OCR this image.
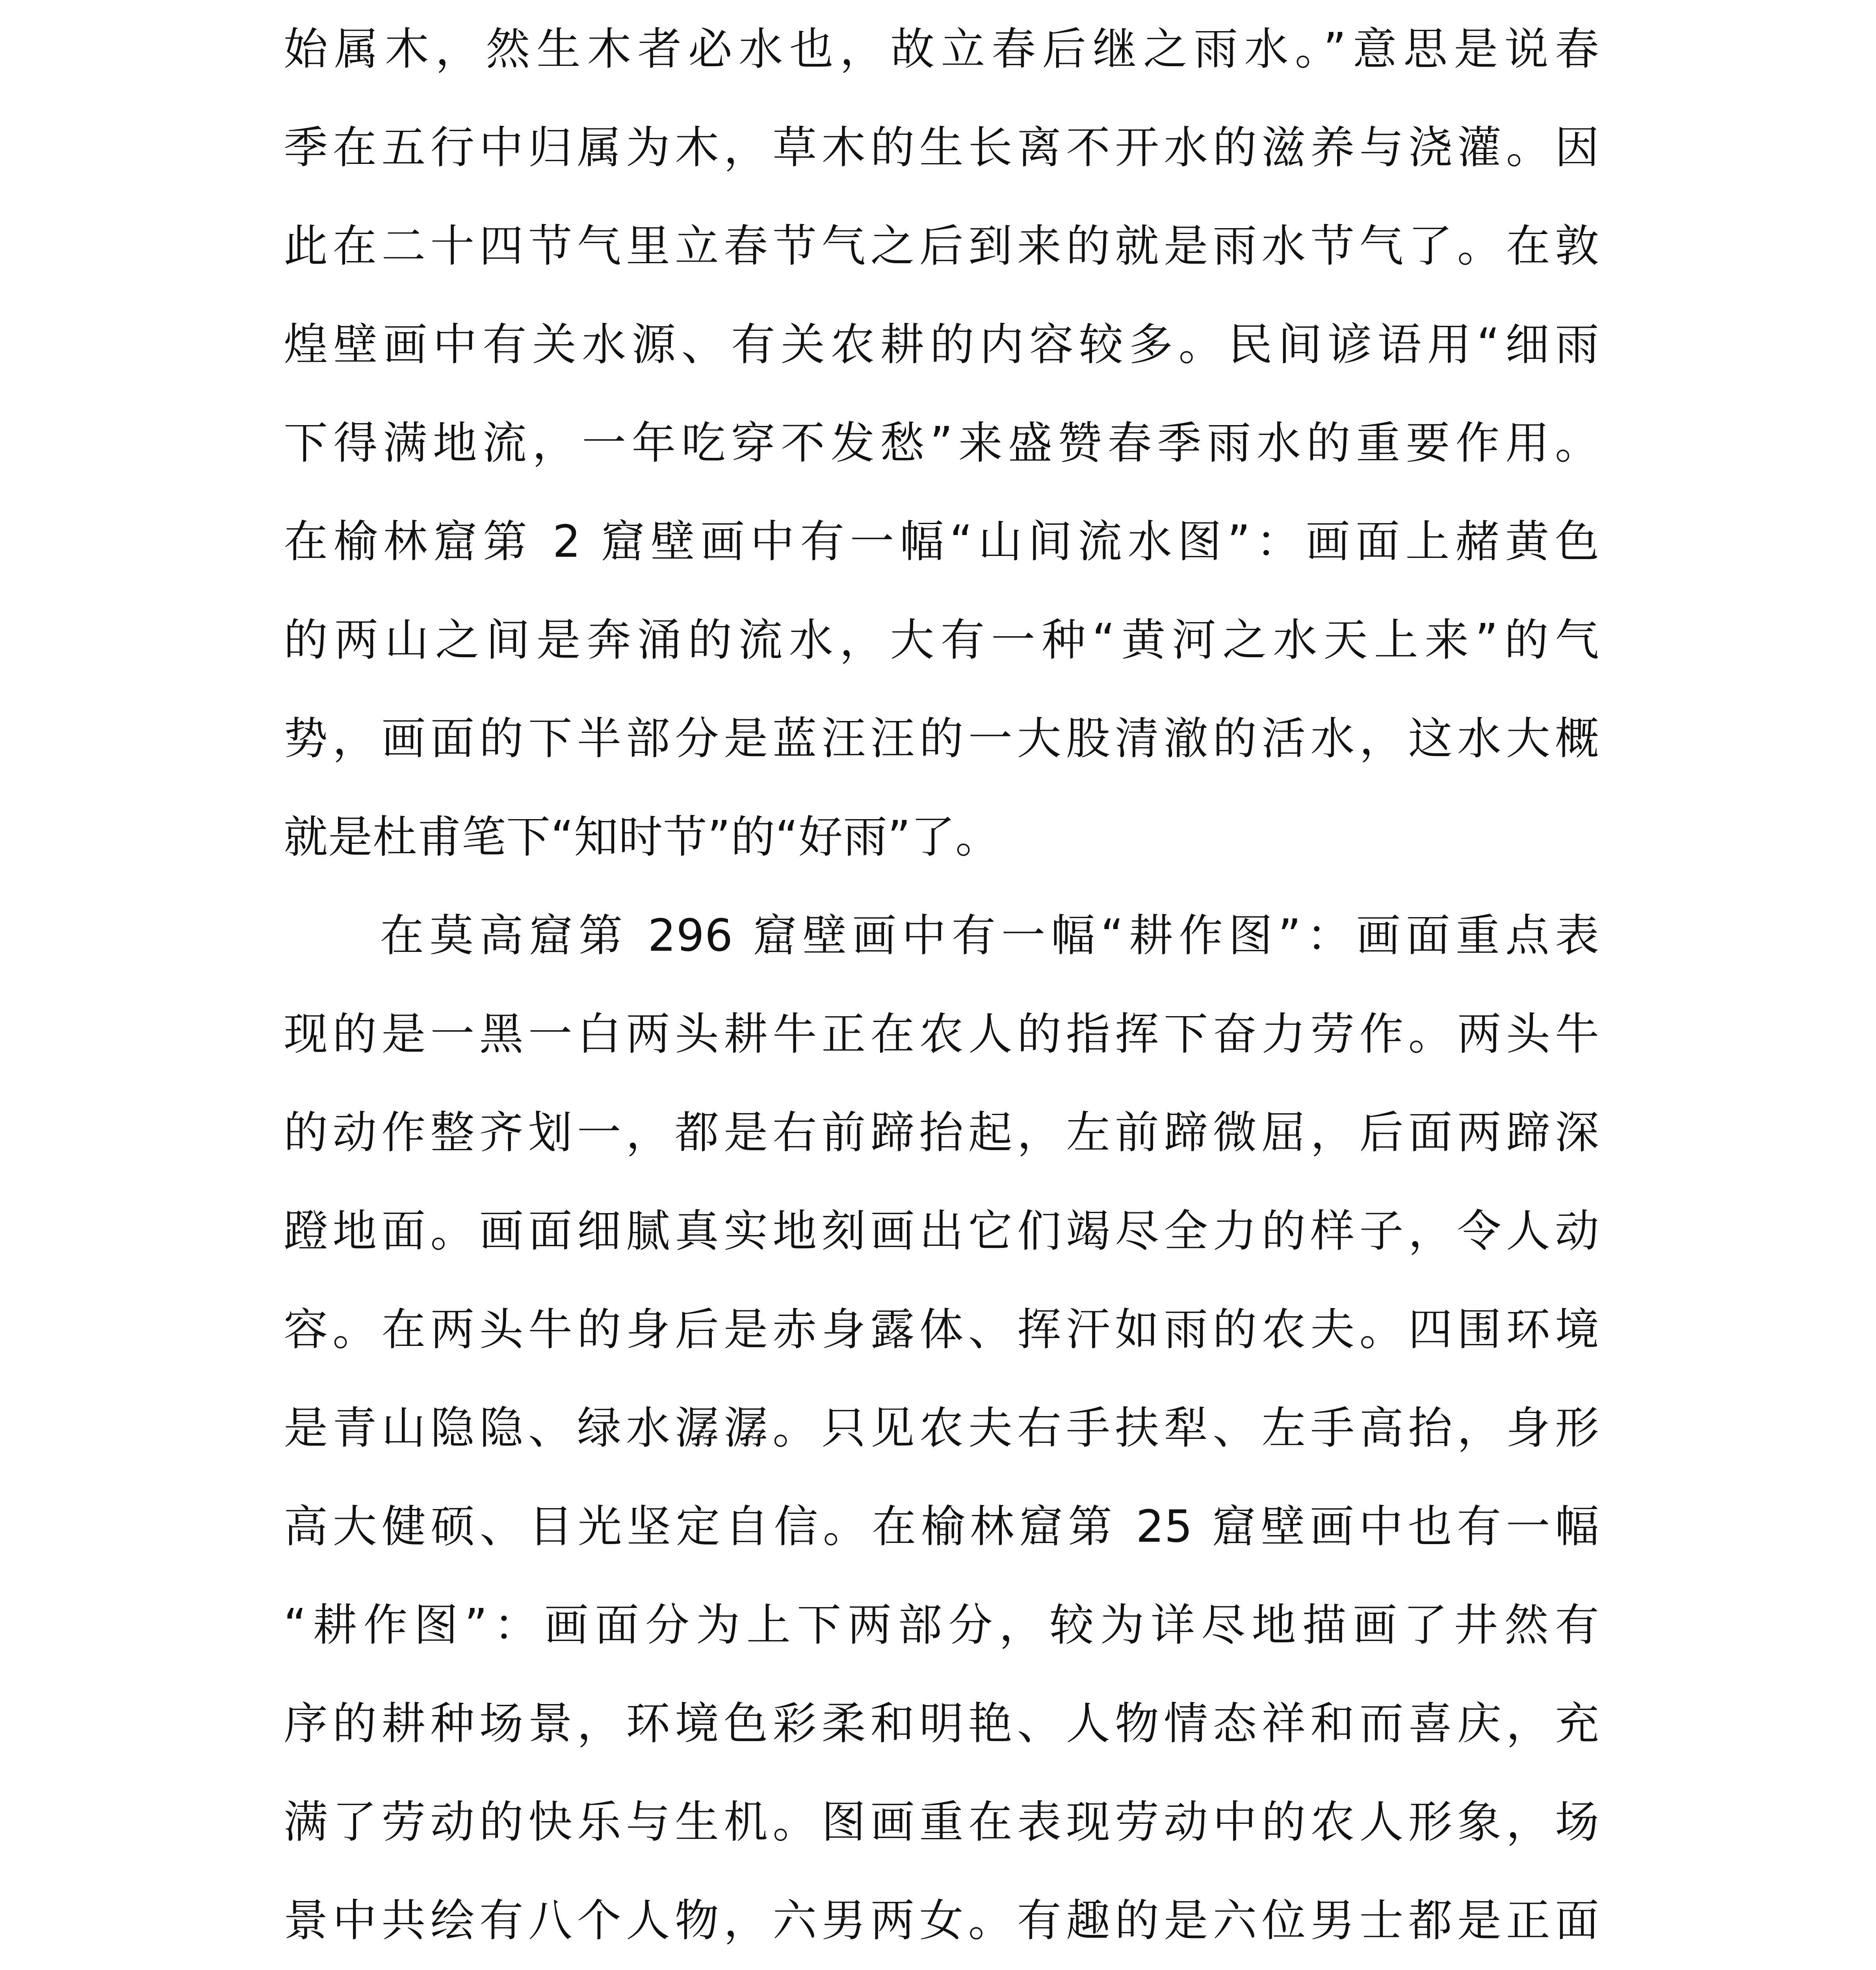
始属木，然生木者必水也，故立春后继之雨水。”意思是说春
季在五行中归属为木，草木的生长离不开水的滋养与浇灌。因
此在二十四节气里立春节气之后到来的就是雨水节气了。在敦
煌壁画中有关水源、有关农耕的内容较多。民间谚语用“细雨
下得满地流，一年吃穿不发愁”来盛赞春季雨水的重要作用。
在榆林窟第 2 窟壁画中有一幅“山间流水图”：画面上赭黄色
的两山之间是奔涌的流水，大有一种“黄河之水天上来”的气
势，画面的下半部分是蓝汪汪的一大股清澈的活水，这水大概
就是杜甫笔下“知时节”的“好雨”了。
在莫高窟第 296 窟壁画中有一幅“耕作图”：画面重点表
现的是一黑一白两头耕牛正在农人的指挥下奋力劳作。两头牛
的动作整齐划一，都是右前蹄抬起，左前蹄微屈，后面两蹄深
蹬地面。画面细腻真实地刻画出它们竭尽全力的样子，令人动
容。在两头牛的身后是赤身露体、挥汗如雨的农夫。四围环境
是青山隐隐、绿水潺潺。只见农夫右手扶犁、左手高抬，身形
高大健硕、目光坚定自信。在榆林窟第 25 窟壁画中也有一幅
“耕作图”：画面分为上下两部分，较为详尽地描画了井然有
序的耕种场景，环境色彩柔和明艳、人物情态祥和而喜庆，充
满了劳动的快乐与生机。图画重在表现劳动中的农人形象，场
景中共绘有八个人物，六男两女。有趣的是六位男士都是正面
